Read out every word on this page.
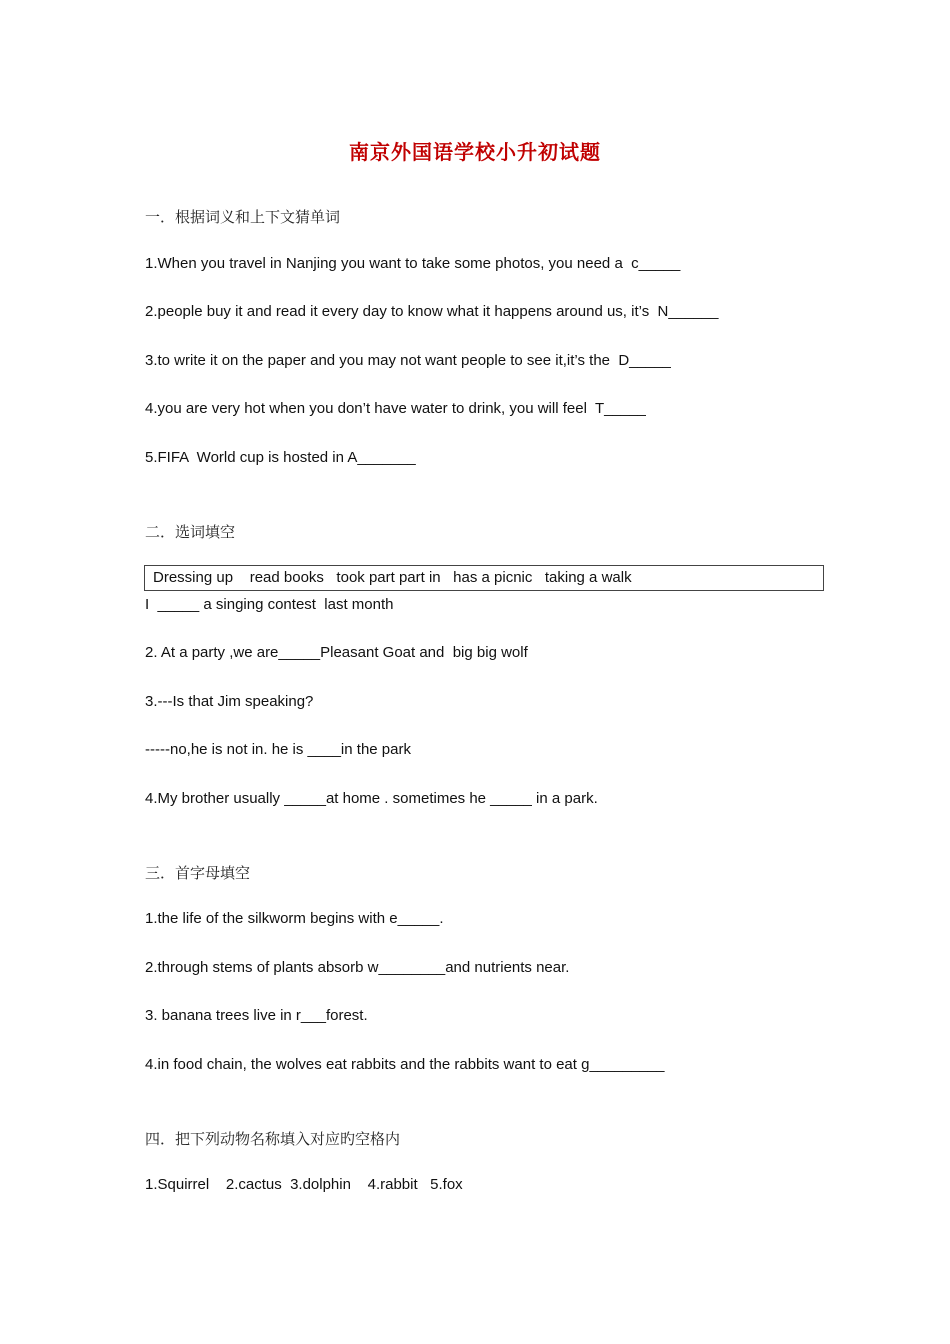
南京外国语学校小升初试题
一．根据词义和上下文猜单词
1.When you travel in Nanjing you want to take some photos, you need a  c_____
2.people buy it and read it every day to know what it happens around us, it’s  N______
3.to write it on the paper and you may not want people to see it,it’s the  D_____
4.you are very hot when you don’t have water to drink, you will feel  T_____
5.FIFA  World cup is hosted in A_______
二．选词填空
Dressing up    read books   took part part in   has a picnic   taking a walk
I  _____ a singing contest  last month
2. At a party ,we are_____Pleasant Goat and  big big wolf
3.---Is that Jim speaking?
-----no,he is not in. he is ____in the park
4.My brother usually _____at home . sometimes he _____ in a park.
三．首字母填空
1.the life of the silkworm begins with e_____.
2.through stems of plants absorb w________and nutrients near.
3. banana trees live in r___forest.
4.in food chain, the wolves eat rabbits and the rabbits want to eat g_________
四．把下列动物名称填入对应旳空格内
1.Squirrel    2.cactus  3.dolphin    4.rabbit   5.fox
